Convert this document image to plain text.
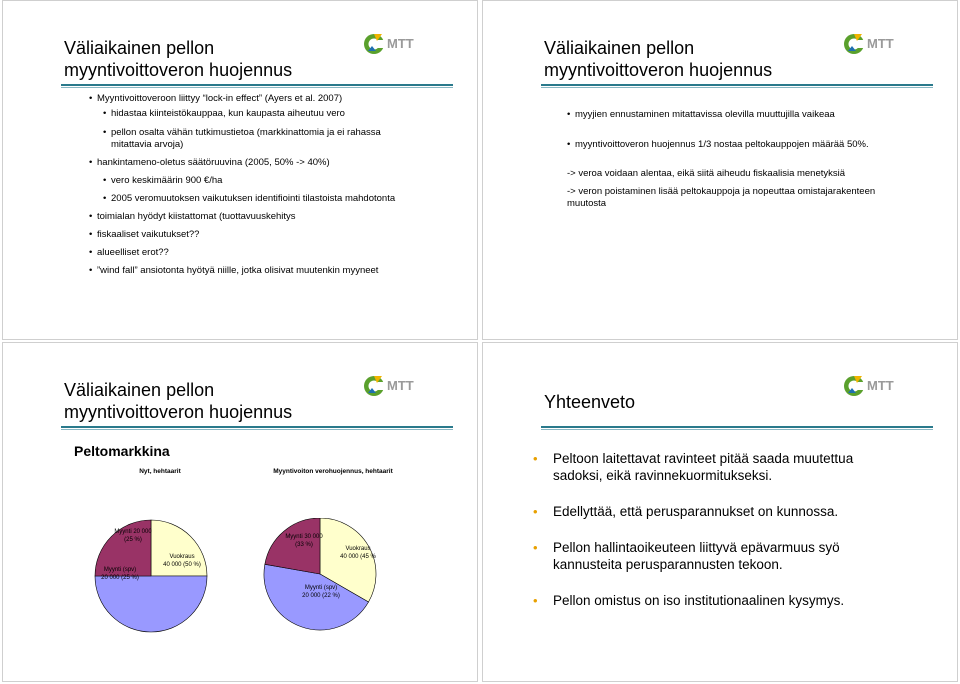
Väliaikainen pellon
myyntivoittoveron huojennus
MTT
• Myyntivoittoveroon liittyy “lock-in effect” (Ayers et al. 2007)
• hidastaa kiinteistökauppaa, kun kaupasta aiheutuu vero
• pellon osalta vähän tutkimustietoa (markkinattomia ja ei rahassa mitattavia arvoja)
• hankintameno-oletus säätöruuvina (2005, 50% -> 40%)
• vero keskimäärin 900 €/ha
• 2005 veromuutoksen vaikutuksen identifiointi tilastoista mahdotonta
• toimialan hyödyt kiistattomat (tuottavuuskehitys
• fiskaaliset vaikutukset??
• alueelliset erot??
• ”wind fall” ansiotonta hyötyä niille, jotka olisivat muutenkin myyneet
Väliaikainen pellon
myyntivoittoveron huojennus
MTT
• myyjien ennustaminen mitattavissa olevilla muuttujilla vaikeaa
• myyntivoittoveron huojennus 1/3 nostaa peltokauppojen määrää 50%.
-> veroa voidaan alentaa, eikä siitä aiheudu fiskaalisia menetyksiä
-> veron poistaminen lisää peltokauppoja ja nopeuttaa omistajarakenteen muutosta
Väliaikainen pellon
myyntivoittoveron huojennus
MTT
Peltomarkkina
Nyt, hehtaarit	Myyntivoiton verohuojennus, hehtaarit
Myynti 20 000
(25 %)
Vuokraus
40 000 (50 %)
Myynti (spv)
20 000 (25 %)
Myynti 30 000
(33 %)
Vuokraus
40 000 (45 %
Myynti (spv)
20 000 (22 %)
Yhteenveto
MTT
• Peltoon laitettavat ravinteet pitää saada muutettua sadoksi, eikä ravinnekuormitukseksi.
• Edellyttää, että perusparannukset on kunnossa.
• Pellon hallintaoikeuteen liittyvä epävarmuus syö kannusteita perusparannusten tekoon.
• Pellon omistus on iso institutionaalinen kysymys.
